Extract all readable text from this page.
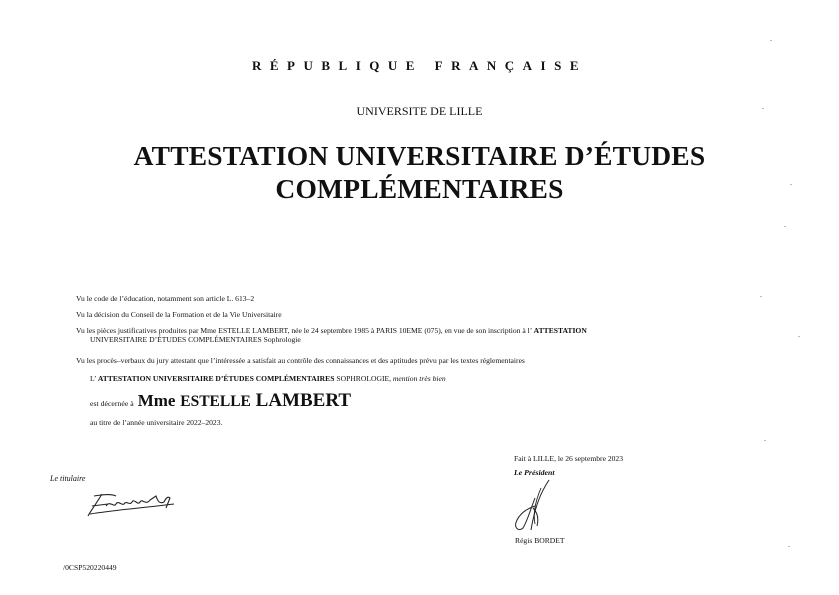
RÉPUBLIQUE FRANÇAISE
UNIVERSITE DE LILLE
ATTESTATION UNIVERSITAIRE D’ÉTUDES
COMPLÉMENTAIRES
Vu le code de l’éducation, notamment son article L. 613–2
Vu la décision du Conseil de la Formation et de la Vie Universitaire
Vu les pièces justificatives produites par Mme ESTELLE LAMBERT, née le 24 septembre 1985 à PARIS 10EME (075), en vue de son inscription à l’ ATTESTATION
UNIVERSITAIRE D’ÉTUDES COMPLÉMENTAIRES Sophrologie
Vu les procès–verbaux du jury attestant que l’intéressée a satisfait au contrôle des connaissances et des aptitudes prévu par les textes réglementaires
L’ ATTESTATION UNIVERSITAIRE D’ÉTUDES COMPLÉMENTAIRES SOPHROLOGIE, mention très bien
est décernée à Mme ESTELLE LAMBERT
au titre de l’année universitaire 2022–2023.
Le titulaire
Fait à LILLE, le 26 septembre 2023
Le Président
Régis BORDET
/0CSP520220449
